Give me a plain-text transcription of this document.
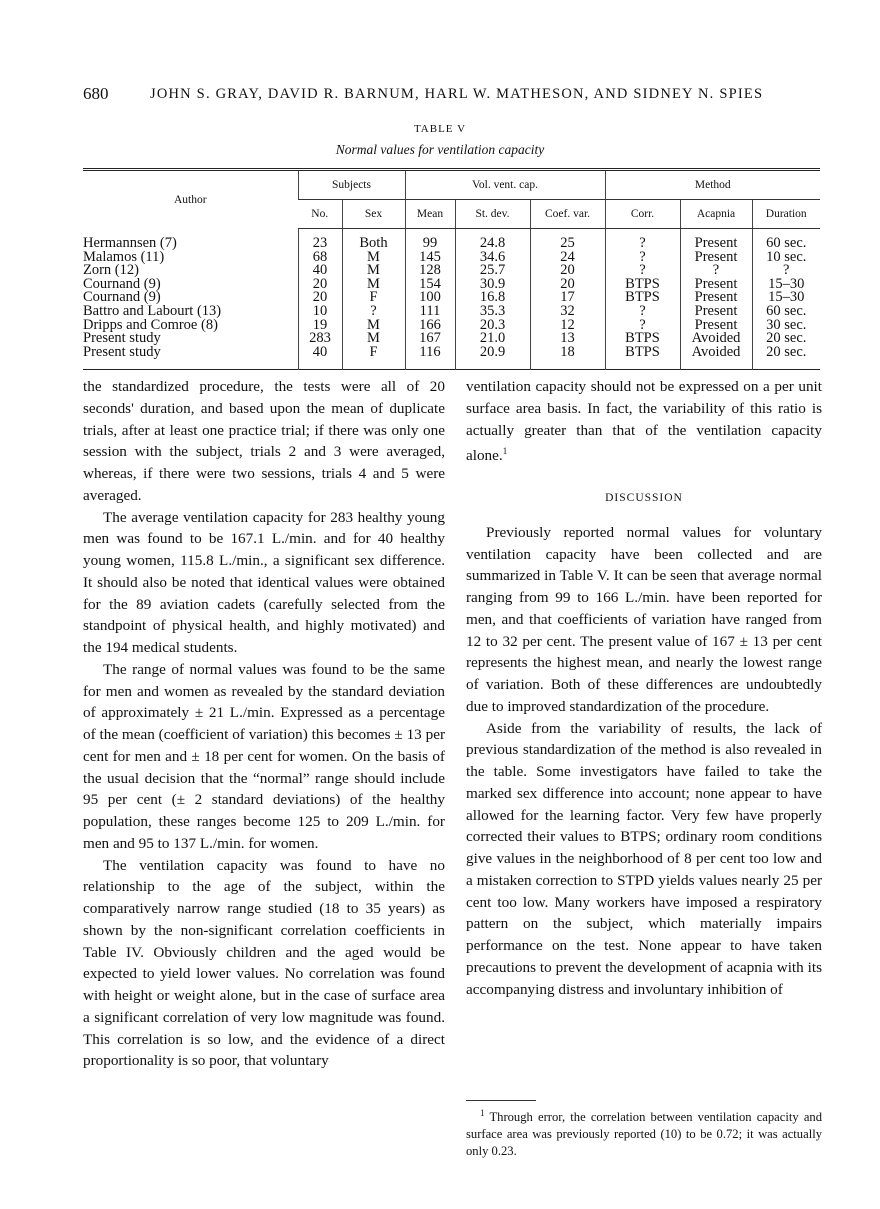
680	JOHN S. GRAY, DAVID R. BARNUM, HARL W. MATHESON, AND SIDNEY N. SPIES
TABLE V
Normal values for ventilation capacity
Author	Subjects		Vol. vent. cap.			Method		
	No.	Sex	Mean	St. dev.	Coef. var.	Corr.	Acapnia	Duration
Hermannsen (7)	23	Both	99	24.8	25	?	Present	60 sec.
Malamos (11)	68	M	145	34.6	24	?	Present	10 sec.
Zorn (12)	40	M	128	25.7	20	?	?	?
Cournand (9)	20	M	154	30.9	20	BTPS	Present	15–30
Cournand (9)	20	F	100	16.8	17	BTPS	Present	15–30
Battro and Labourt (13)	10	?	111	35.3	32	?	Present	60 sec.
Dripps and Comroe (8)	19	M	166	20.3	12	?	Present	30 sec.
Present study	283	M	167	21.0	13	BTPS	Avoided	20 sec.
Present study	40	F	116	20.9	18	BTPS	Avoided	20 sec.

the standardized procedure, the tests were all of 20 seconds' duration, and based upon the mean of duplicate trials, after at least one practice trial; if there was only one session with the subject, trials 2 and 3 were averaged, whereas, if there were two sessions, trials 4 and 5 were averaged.

The average ventilation capacity for 283 healthy young men was found to be 167.1 L./min. and for 40 healthy young women, 115.8 L./min., a significant sex difference. It should also be noted that identical values were obtained for the 89 aviation cadets (carefully selected from the standpoint of physical health, and highly motivated) and the 194 medical students.

The range of normal values was found to be the same for men and women as revealed by the standard deviation of approximately ± 21 L./min. Expressed as a percentage of the mean (coefficient of variation) this becomes ± 13 per cent for men and ± 18 per cent for women. On the basis of the usual decision that the “normal” range should include 95 per cent (± 2 standard deviations) of the healthy population, these ranges become 125 to 209 L./min. for men and 95 to 137 L./min. for women.

The ventilation capacity was found to have no relationship to the age of the subject, within the comparatively narrow range studied (18 to 35 years) as shown by the non-significant correlation coefficients in Table IV. Obviously children and the aged would be expected to yield lower values. No correlation was found with height or weight alone, but in the case of surface area a significant correlation of very low magnitude was found. This correlation is so low, and the evidence of a direct proportionality is so poor, that voluntary

ventilation capacity should not be expressed on a per unit surface area basis. In fact, the variability of this ratio is actually greater than that of the ventilation capacity alone.$^1$

DISCUSSION

Previously reported normal values for voluntary ventilation capacity have been collected and are summarized in Table V. It can be seen that average normal ranging from 99 to 166 L./min. have been reported for men, and that coefficients of variation have ranged from 12 to 32 per cent. The present value of 167 ± 13 per cent represents the highest mean, and nearly the lowest range of variation. Both of these differences are undoubtedly due to improved standardization of the procedure.

Aside from the variability of results, the lack of previous standardization of the method is also revealed in the table. Some investigators have failed to take the marked sex difference into account; none appear to have allowed for the learning factor. Very few have properly corrected their values to BTPS; ordinary room conditions give values in the neighborhood of 8 per cent too low and a mistaken correction to STPD yields values nearly 25 per cent too low. Many workers have imposed a respiratory pattern on the subject, which materially impairs performance on the test. None appear to have taken precautions to prevent the development of acapnia with its accompanying distress and involuntary inhibition of

$^1$ Through error, the correlation between ventilation capacity and surface area was previously reported (10) to be 0.72; it was actually only 0.23.
